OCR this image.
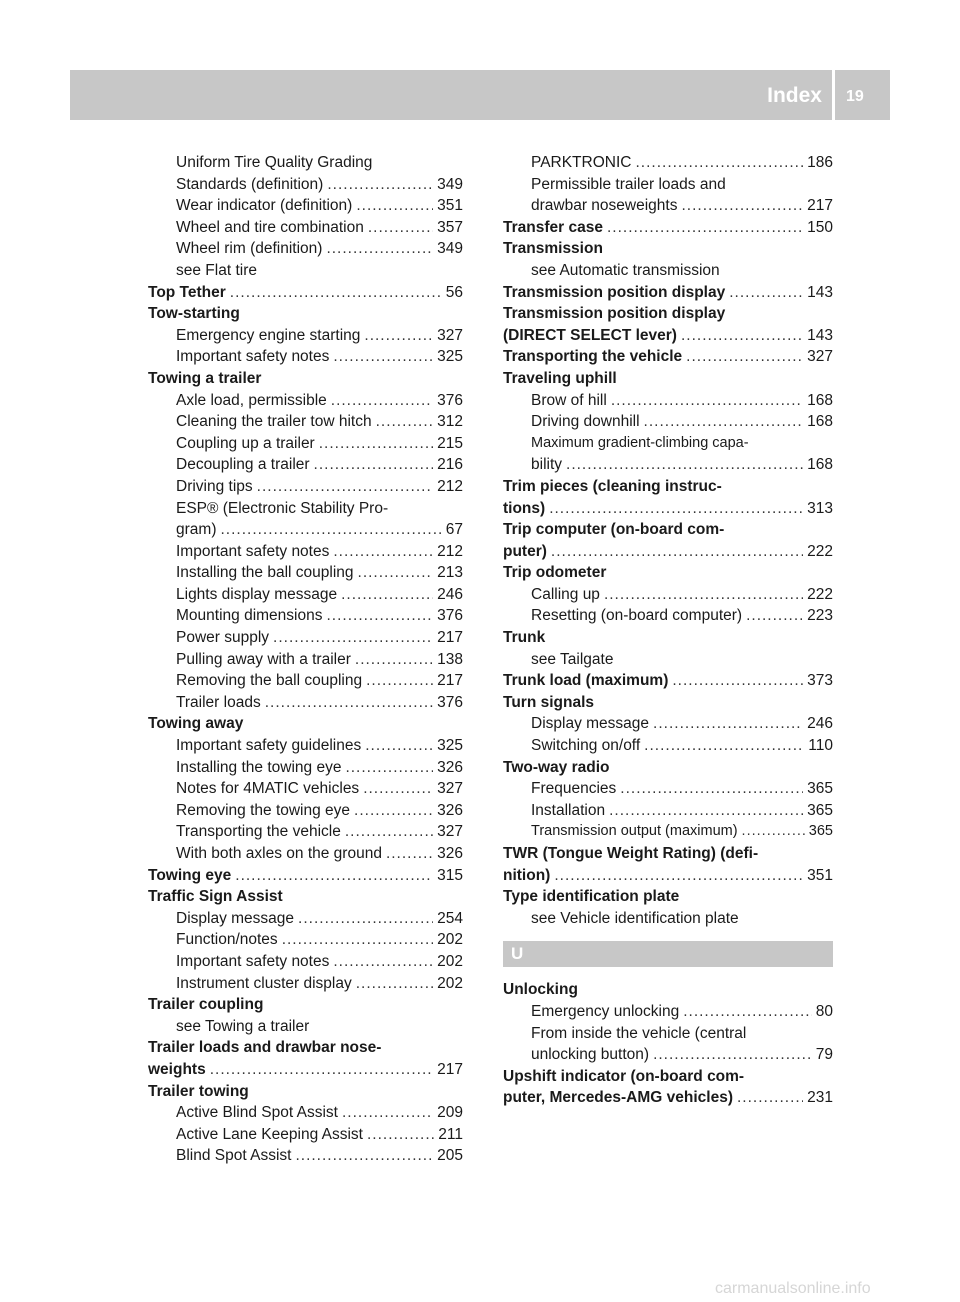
Index 19
Uniform Tire Quality Grading
Standards (definition) .....	349
Wear indicator (definition) .....	351
Wheel and tire combination .....	357
Wheel rim (definition) .....	349
see Flat tire
Top Tether .....	56
Tow-starting
Emergency engine starting .....	327
Important safety notes .....	325
Towing a trailer
Axle load, permissible .....	376
Cleaning the trailer tow hitch .....	312
Coupling up a trailer .....	215
Decoupling a trailer .....	216
Driving tips .....	212
ESP® (Electronic Stability Pro-
gram) .....	67
Important safety notes .....	212
Installing the ball coupling .....	213
Lights display message .....	246
Mounting dimensions .....	376
Power supply .....	217
Pulling away with a trailer .....	138
Removing the ball coupling .....	217
Trailer loads .....	376
Towing away
Important safety guidelines .....	325
Installing the towing eye .....	326
Notes for 4MATIC vehicles .....	327
Removing the towing eye .....	326
Transporting the vehicle .....	327
With both axles on the ground .....	326
Towing eye .....	315
Traffic Sign Assist
Display message .....	254
Function/notes .....	202
Important safety notes .....	202
Instrument cluster display .....	202
Trailer coupling
see Towing a trailer
Trailer loads and drawbar nose-
weights .....	217
Trailer towing
Active Blind Spot Assist .....	209
Active Lane Keeping Assist .....	211
Blind Spot Assist .....	205
PARKTRONIC .....	186
Permissible trailer loads and
drawbar noseweights .....	217
Transfer case .....	150
Transmission
see Automatic transmission
Transmission position display .....	143
Transmission position display
(DIRECT SELECT lever) .....	143
Transporting the vehicle .....	327
Traveling uphill
Brow of hill .....	168
Driving downhill .....	168
Maximum gradient-climbing capa-
bility .....	168
Trim pieces (cleaning instruc-
tions) .....	313
Trip computer (on-board com-
puter) .....	222
Trip odometer
Calling up .....	222
Resetting (on-board computer) .....	223
Trunk
see Tailgate
Trunk load (maximum) .....	373
Turn signals
Display message .....	246
Switching on/off .....	110
Two-way radio
Frequencies .....	365
Installation .....	365
Transmission output (maximum) .....	365
TWR (Tongue Weight Rating) (defi-
nition) .....	351
Type identification plate
see Vehicle identification plate
U
Unlocking
Emergency unlocking .....	80
From inside the vehicle (central
unlocking button) .....	79
Upshift indicator (on-board com-
puter, Mercedes-AMG vehicles) .....	231
carmanualsonline.info
